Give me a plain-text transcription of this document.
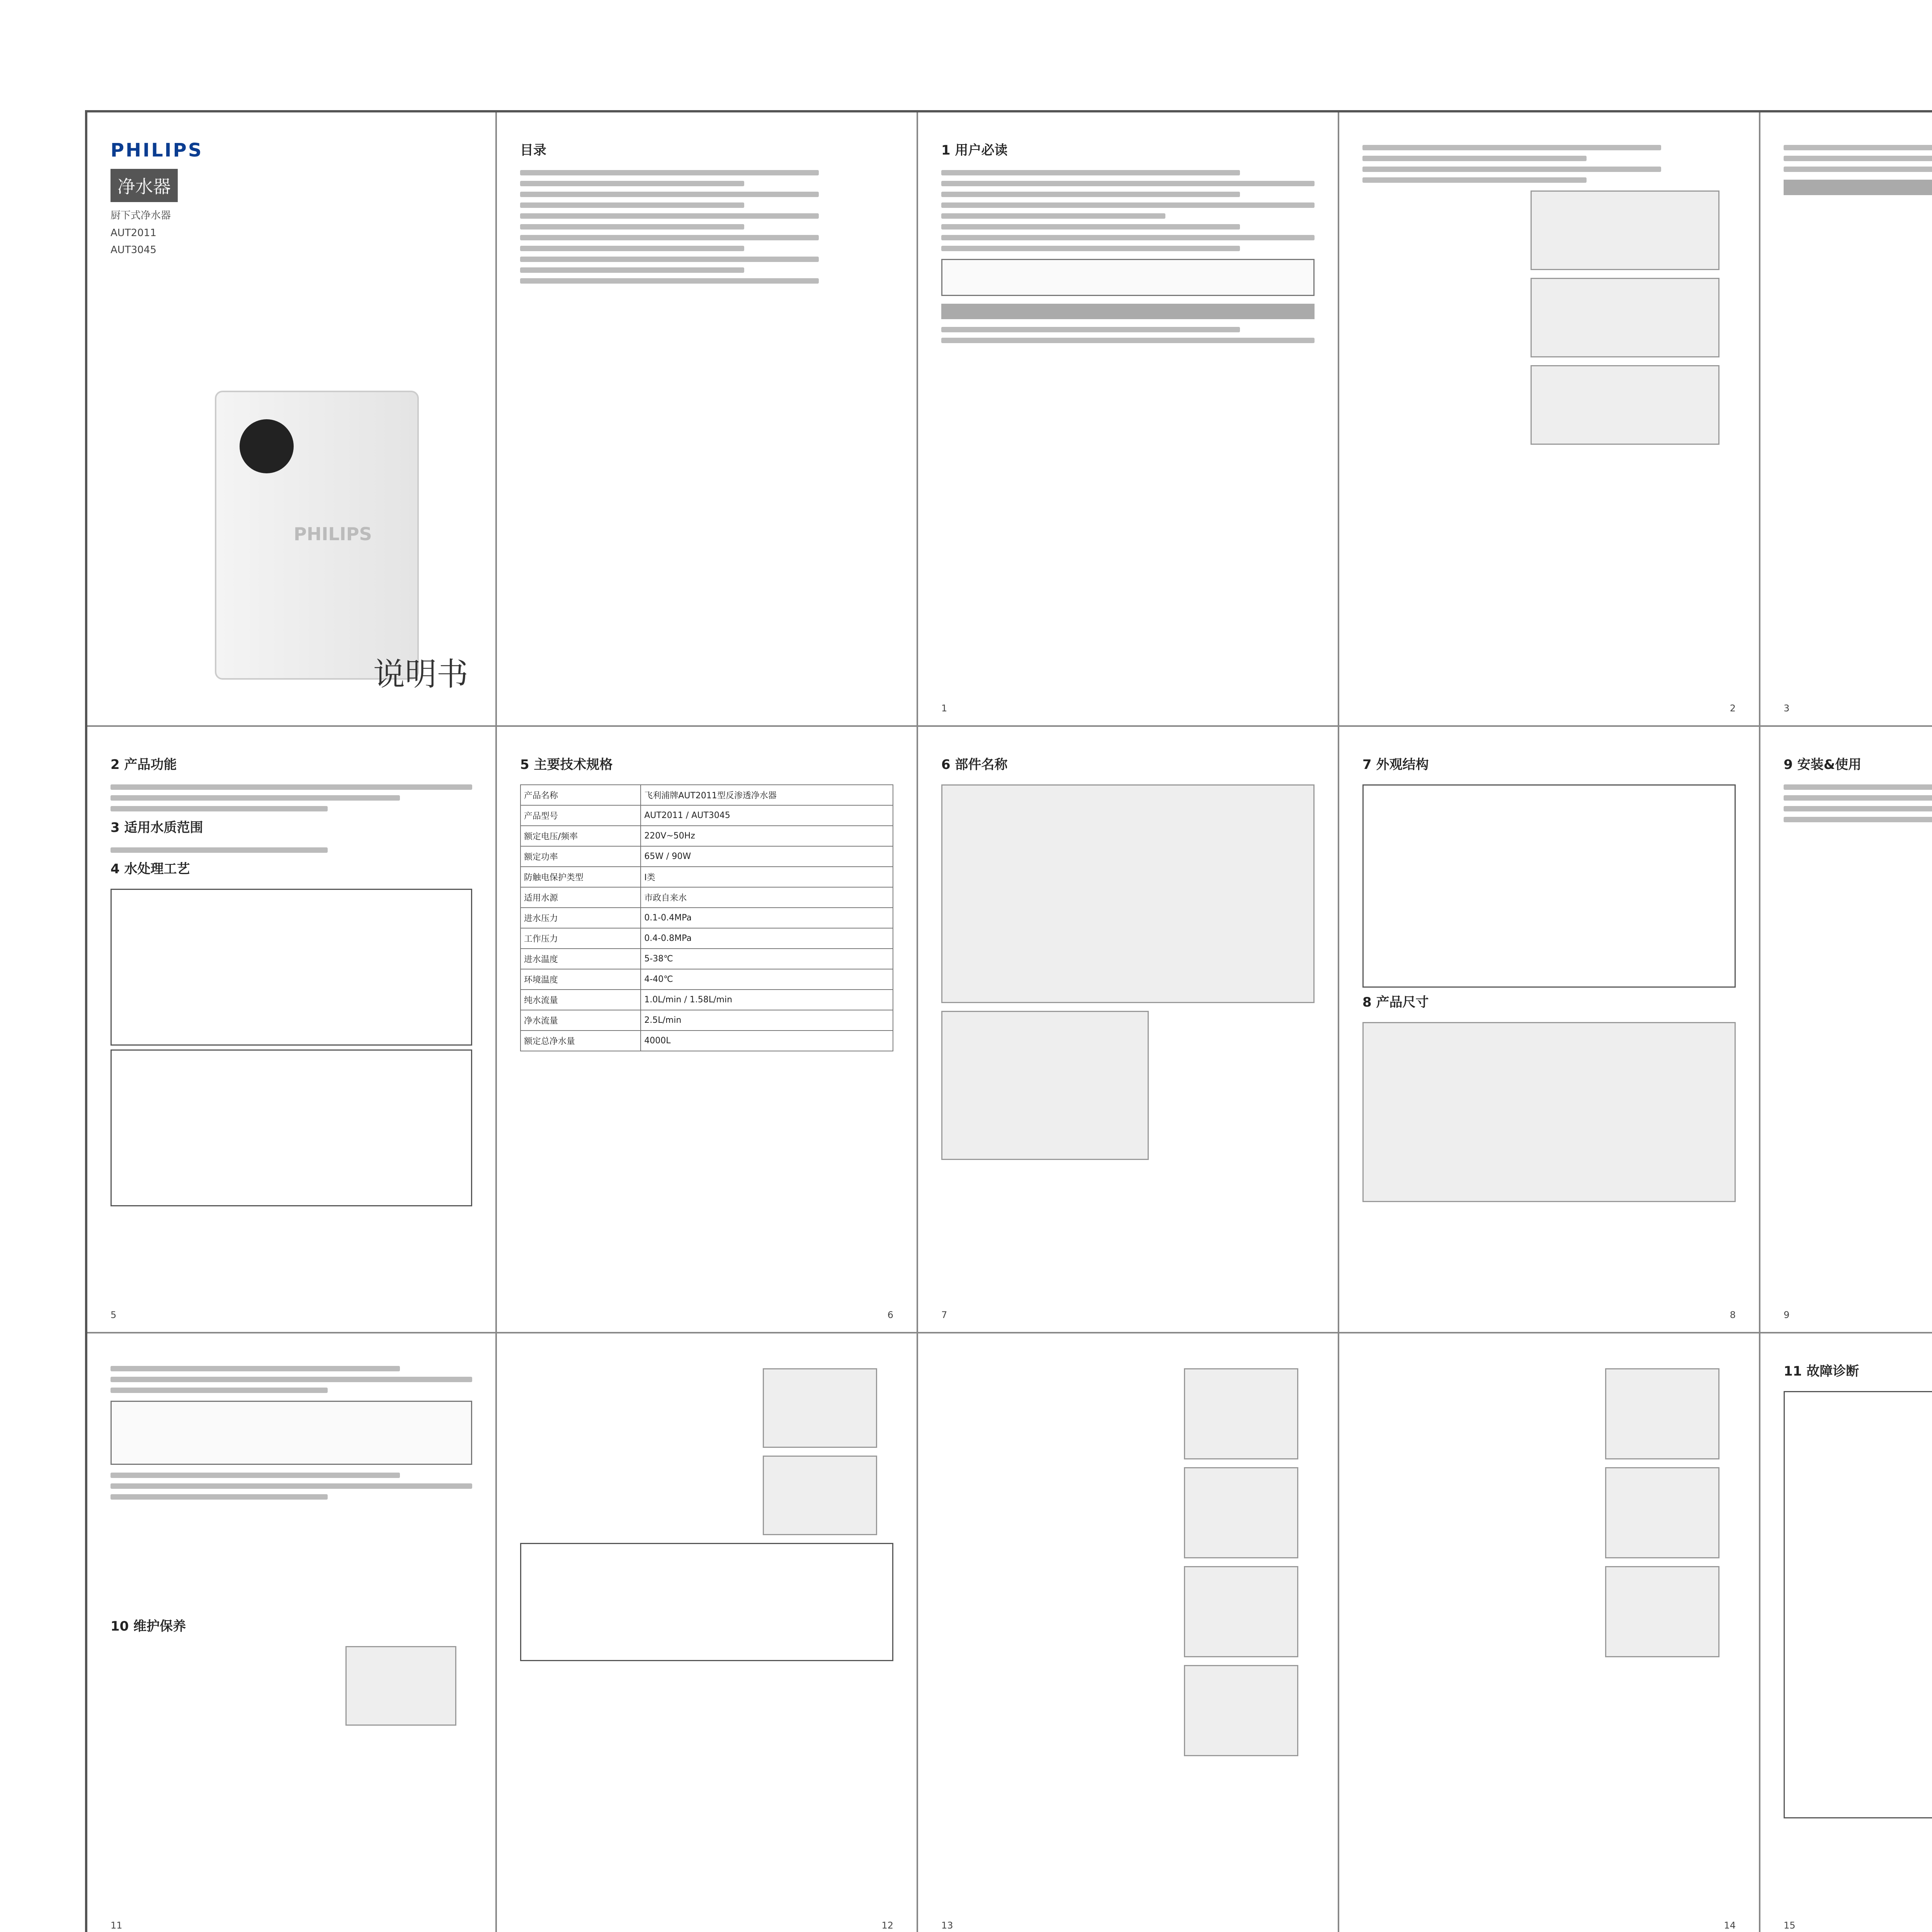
PHILIPS
净水器
厨下式净水器
AUT2011
AUT3045
PHILIPS
说明书
目录	1 用户必读
1	2	3
2 产品功能
3 适用水质范围
4 水处理工艺
5
5 主要技术规格
产品名称	飞利浦牌AUT2011型反渗透净水器
产品型号	AUT2011 / AUT3045
额定电压/频率	220V~50Hz
额定功率	65W / 90W
防触电保护类型	I类
适用水源	市政自来水
进水压力	0.1-0.4MPa
工作压力	0.4-0.8MPa
进水温度	5-38℃
环境温度	4-40℃
纯水流量	1.0L/min / 1.58L/min
净水流量	2.5L/min
额定总净水量	4000L
6
6 部件名称
7
7 外观结构
8 产品尺寸
8
9 安装&使用
9
10 维护保养
11	12	13	14
11 故障诊断
15
